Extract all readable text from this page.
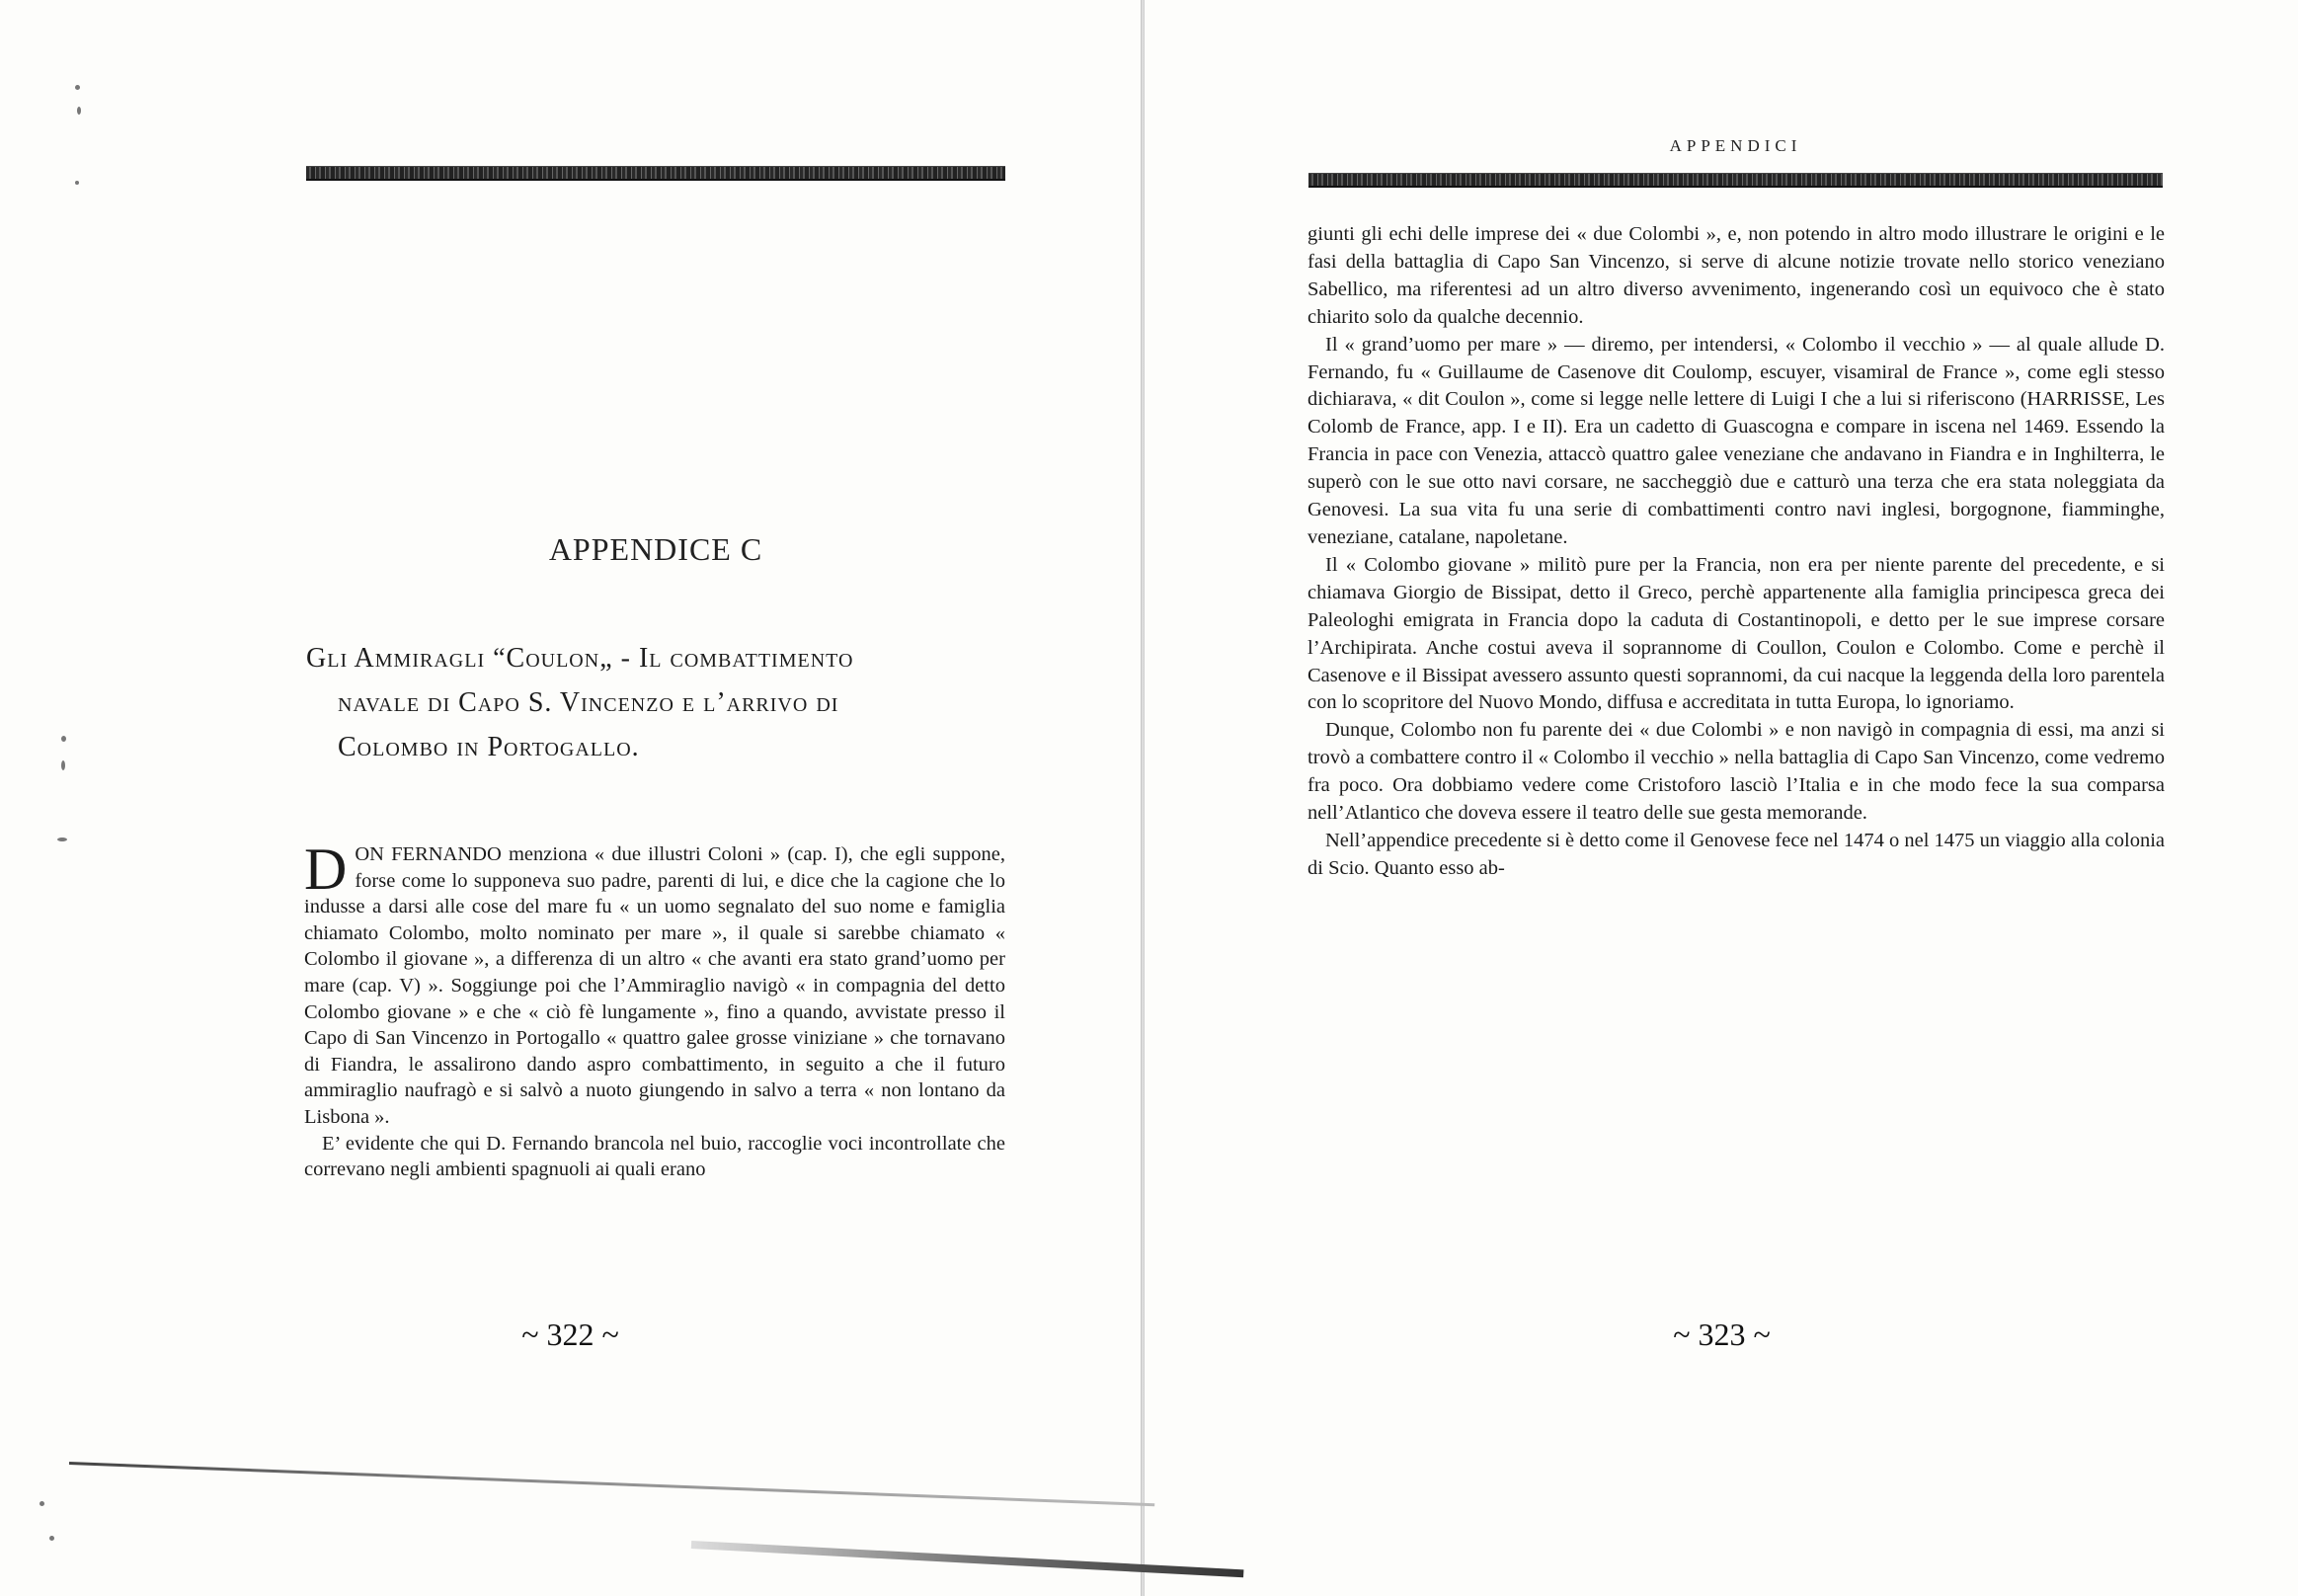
APPENDICE C
Gli Ammiragli “Coulon„ - Il combattimento
navale di Capo S. Vincenzo e l’arrivo di
Colombo in Portogallo.

DON FERNANDO menziona « due illustri Coloni » (cap. I), che egli suppone, forse come lo supponeva suo padre, parenti di lui, e dice che la cagione che lo indusse a darsi alle cose del mare fu « un uomo segnalato del suo nome e famiglia chiamato Colombo, molto nominato per mare », il quale si sarebbe chiamato « Colombo il giovane », a differenza di un altro « che avanti era stato grand’uomo per mare (cap. V) ». Soggiunge poi che l’Ammiraglio navigò « in compagnia del detto Colombo giovane » e che « ciò fè lungamente », fino a quando, avvistate presso il Capo di San Vincenzo in Portogallo « quattro galee grosse viniziane » che tornavano di Fiandra, le assalirono dando aspro combattimento, in seguito a che il futuro ammiraglio naufragò e si salvò a nuoto giungendo in salvo a terra « non lontano da Lisbona ».

E’ evidente che qui D. Fernando brancola nel buio, raccoglie voci incontrollate che correvano negli ambienti spagnuoli ai quali erano

~ 322 ~
APPENDICI

giunti gli echi delle imprese dei « due Colombi », e, non potendo in altro modo illustrare le origini e le fasi della battaglia di Capo San Vincenzo, si serve di alcune notizie trovate nello storico veneziano Sabellico, ma riferentesi ad un altro diverso avvenimento, ingenerando così un equivoco che è stato chiarito solo da qualche decennio.

Il « grand’uomo per mare » — diremo, per intendersi, « Colombo il vecchio » — al quale allude D. Fernando, fu « Guillaume de Casenove dit Coulomp, escuyer, visamiral de France », come egli stesso dichiarava, « dit Coulon », come si legge nelle lettere di Luigi I che a lui si riferiscono (HARRISSE, Les Colomb de France, app. I e II). Era un cadetto di Guascogna e compare in iscena nel 1469. Essendo la Francia in pace con Venezia, attaccò quattro galee veneziane che andavano in Fiandra e in Inghilterra, le superò con le sue otto navi corsare, ne saccheggiò due e catturò una terza che era stata noleggiata da Genovesi. La sua vita fu una serie di combattimenti contro navi inglesi, borgognone, fiamminghe, veneziane, catalane, napoletane.

Il « Colombo giovane » militò pure per la Francia, non era per niente parente del precedente, e si chiamava Giorgio de Bissipat, detto il Greco, perchè appartenente alla famiglia principesca greca dei Paleologhi emigrata in Francia dopo la caduta di Costantinopoli, e detto per le sue imprese corsare l’Archipirata. Anche costui aveva il soprannome di Coullon, Coulon e Colombo. Come e perchè il Casenove e il Bissipat avessero assunto questi soprannomi, da cui nacque la leggenda della loro parentela con lo scopritore del Nuovo Mondo, diffusa e accreditata in tutta Europa, lo ignoriamo.

Dunque, Colombo non fu parente dei « due Colombi » e non navigò in compagnia di essi, ma anzi si trovò a combattere contro il « Colombo il vecchio » nella battaglia di Capo San Vincenzo, come vedremo fra poco. Ora dobbiamo vedere come Cristoforo lasciò l’Italia e in che modo fece la sua comparsa nell’Atlantico che doveva essere il teatro delle sue gesta memorande.

Nell’appendice precedente si è detto come il Genovese fece nel 1474 o nel 1475 un viaggio alla colonia di Scio. Quanto esso ab-

~ 323 ~
